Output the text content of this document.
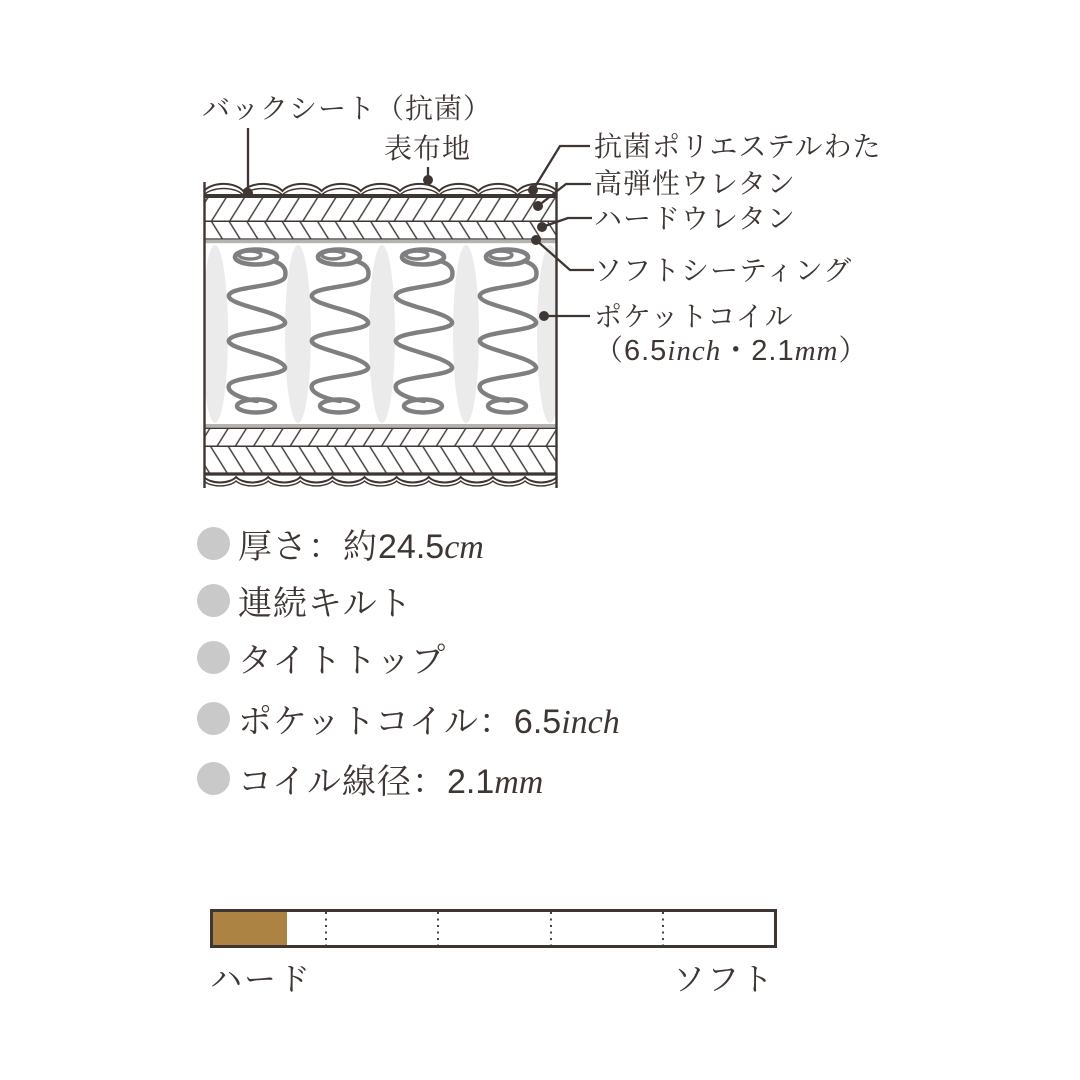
バックシート（抗菌）
表布地	抗菌ポリエステルわた
高弾性ウレタン
ハードウレタン
ソフトシーティング
ポケットコイル
（6.5inch・2.1mm）
厚さ：約24.5cm
連続キルト
タイトトップ
ポケットコイル：6.5inch
コイル線径：2.1mm
ハード	ソフト
